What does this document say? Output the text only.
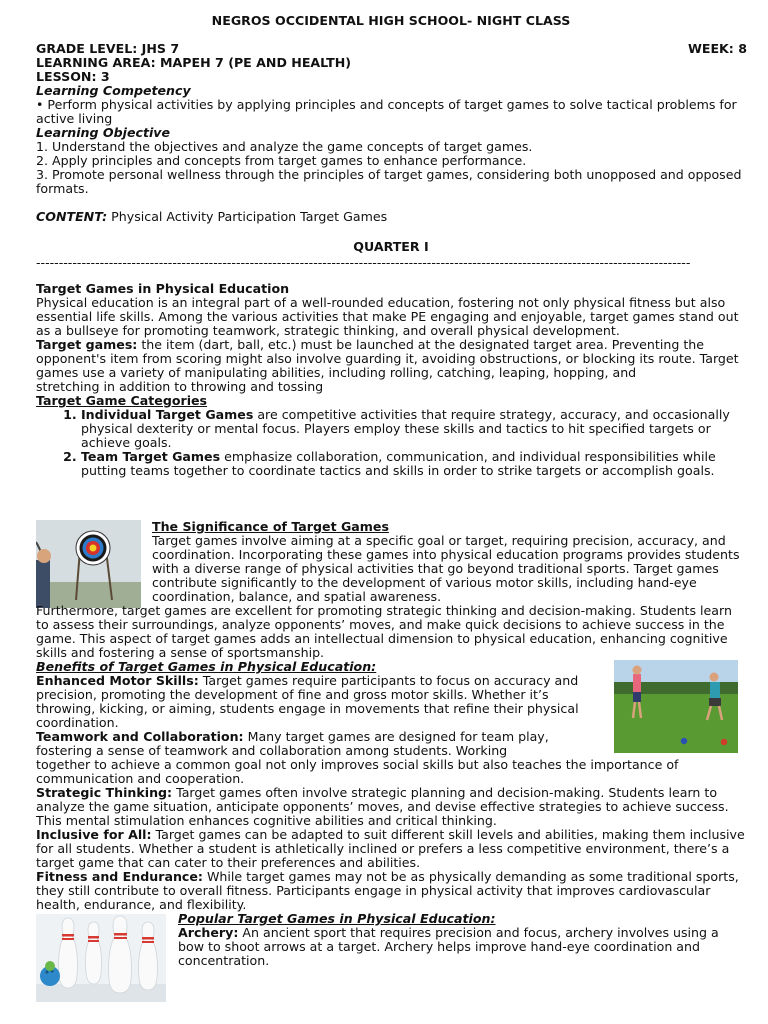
NEGROS OCCIDENTAL HIGH SCHOOL- NIGHT CLASS
GRADE LEVEL: JHS 7	WEEK: 8
LEARNING AREA: MAPEH 7 (PE AND HEALTH)
LESSON: 3
Learning Competency

• Perform physical activities by applying principles and concepts of target games to solve tactical problems for active living

Learning Objective

1. Understand the objectives and analyze the game concepts of target games.

2. Apply principles and concepts from target games to enhance performance.

3. Promote personal wellness through the principles of target games, considering both unopposed and opposed formats.

CONTENT: Physical Activity Participation Target Games
QUARTER I
------------------------------------------------------------------------------------------------------------------------------------------------
Target Games in Physical Education

Physical education is an integral part of a well-rounded education, fostering not only physical fitness but also essential life skills. Among the various activities that make PE engaging and enjoyable, target games stand out as a bullseye for promoting teamwork, strategic thinking, and overall physical development.

Target games: the item (dart, ball, etc.) must be launched at the designated target area. Preventing the opponent's item from scoring might also involve guarding it, avoiding obstructions, or blocking its route. Target games use a variety of manipulating abilities, including rolling, catching, leaping, hopping, and

stretching in addition to throwing and tossing

Target Game Categories
1. Individual Target Games are competitive activities that require strategy, accuracy, and occasionally physical dexterity or mental focus. Players employ these skills and tactics to hit specified targets or achieve goals.
2. Team Target Games emphasize collaboration, communication, and individual responsibilities while putting teams together to coordinate tactics and skills in order to strike targets or accomplish goals.
The Significance of Target Games

Target games involve aiming at a specific goal or target, requiring precision, accuracy, and coordination. Incorporating these games into physical education programs provides students with a diverse range of physical activities that go beyond traditional sports. Target games contribute significantly to the development of various motor skills, including hand-eye coordination, balance, and spatial awareness.

Furthermore, target games are excellent for promoting strategic thinking and decision-making. Students learn to assess their surroundings, analyze opponents’ moves, and make quick decisions to achieve success in the game. This aspect of target games adds an intellectual dimension to physical education, enhancing cognitive skills and fostering a sense of sportsmanship.

Benefits of Target Games in Physical Education:

Enhanced Motor Skills: Target games require participants to focus on accuracy and precision, promoting the development of fine and gross motor skills. Whether it’s throwing, kicking, or aiming, students engage in movements that refine their physical coordination.

Teamwork and Collaboration: Many target games are designed for team play, fostering a sense of teamwork and collaboration among students. Working

together to achieve a common goal not only improves social skills but also teaches the importance of communication and cooperation.

Strategic Thinking: Target games often involve strategic planning and decision-making. Students learn to analyze the game situation, anticipate opponents’ moves, and devise effective strategies to achieve success. This mental stimulation enhances cognitive abilities and critical thinking.

Inclusive for All: Target games can be adapted to suit different skill levels and abilities, making them inclusive for all students. Whether a student is athletically inclined or prefers a less competitive environment, there’s a target game that can cater to their preferences and abilities.

Fitness and Endurance: While target games may not be as physically demanding as some traditional sports, they still contribute to overall fitness. Participants engage in physical activity that improves cardiovascular health, endurance, and flexibility.

Popular Target Games in Physical Education:

Archery: An ancient sport that requires precision and focus, archery involves using a bow to shoot arrows at a target. Archery helps improve hand-eye coordination and concentration.
